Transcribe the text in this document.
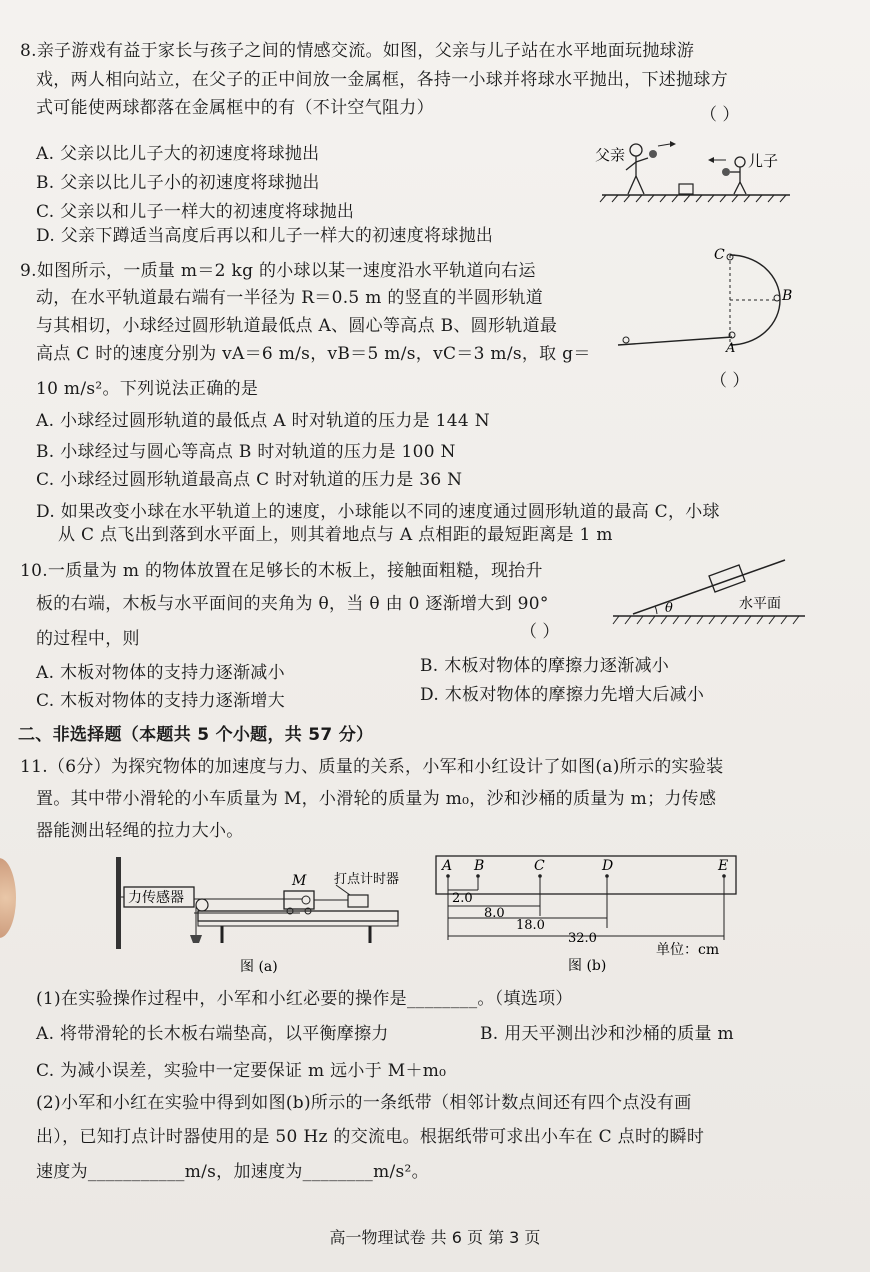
8.亲子游戏有益于家长与孩子之间的情感交流。如图，父亲与儿子站在水平地面玩抛球游
戏，两人相向站立，在父子的正中间放一金属框，各持一小球并将球水平抛出，下述抛球方
式可能使两球都落在金属框中的有（不计空气阻力）	（ ）
A. 父亲以比儿子大的初速度将球抛出
B. 父亲以比儿子小的初速度将球抛出
C. 父亲以和儿子一样大的初速度将球抛出
D. 父亲下蹲适当高度后再以和儿子一样大的初速度将球抛出
父亲	儿子
9.如图所示，一质量 m＝2 kg 的小球以某一速度沿水平轨道向右运
动，在水平轨道最右端有一半径为 R＝0.5 m 的竖直的半圆形轨道
与其相切，小球经过圆形轨道最低点 A、圆心等高点 B、圆形轨道最
高点 C 时的速度分别为 vA＝6 m/s，vB＝5 m/s，vC＝3 m/s，取 g＝
10 m/s²。下列说法正确的是	（ ）
A. 小球经过圆形轨道的最低点 A 时对轨道的压力是 144 N
B. 小球经过与圆心等高点 B 时对轨道的压力是 100 N
C. 小球经过圆形轨道最高点 C 时对轨道的压力是 36 N
D. 如果改变小球在水平轨道上的速度，小球能以不同的速度通过圆形轨道的最高 C，小球
从 C 点飞出到落到水平面上，则其着地点与 A 点相距的最短距离是 1 m
C
B
A
10.一质量为 m 的物体放置在足够长的木板上，接触面粗糙，现抬升
板的右端，木板与水平面间的夹角为 θ，当 θ 由 0 逐渐增大到 90°
的过程中，则	（ ）
A. 木板对物体的支持力逐渐减小	B. 木板对物体的摩擦力逐渐减小
C. 木板对物体的支持力逐渐增大	D. 木板对物体的摩擦力先增大后减小
θ	水平面
二、非选择题（本题共 5 个小题，共 57 分）
11.（6分）为探究物体的加速度与力、质量的关系，小军和小红设计了如图(a)所示的实验装
置。其中带小滑轮的小车质量为 M，小滑轮的质量为 m₀，沙和沙桶的质量为 m；力传感
器能测出轻绳的拉力大小。
力传感器
M 打点计时器
图 (a)
A B	C	D	E
2.0
8.0
18.0
32.0
单位：cm
图 (b)
(1)在实验操作过程中，小军和小红必要的操作是________。（填选项）
A. 将带滑轮的长木板右端垫高，以平衡摩擦力	B. 用天平测出沙和沙桶的质量 m
C. 为减小误差，实验中一定要保证 m 远小于 M＋m₀
(2)小军和小红在实验中得到如图(b)所示的一条纸带（相邻计数点间还有四个点没有画
出），已知打点计时器使用的是 50 Hz 的交流电。根据纸带可求出小车在 C 点时的瞬时
速度为___________m/s，加速度为________m/s²。
高一物理试卷 共 6 页 第 3 页
